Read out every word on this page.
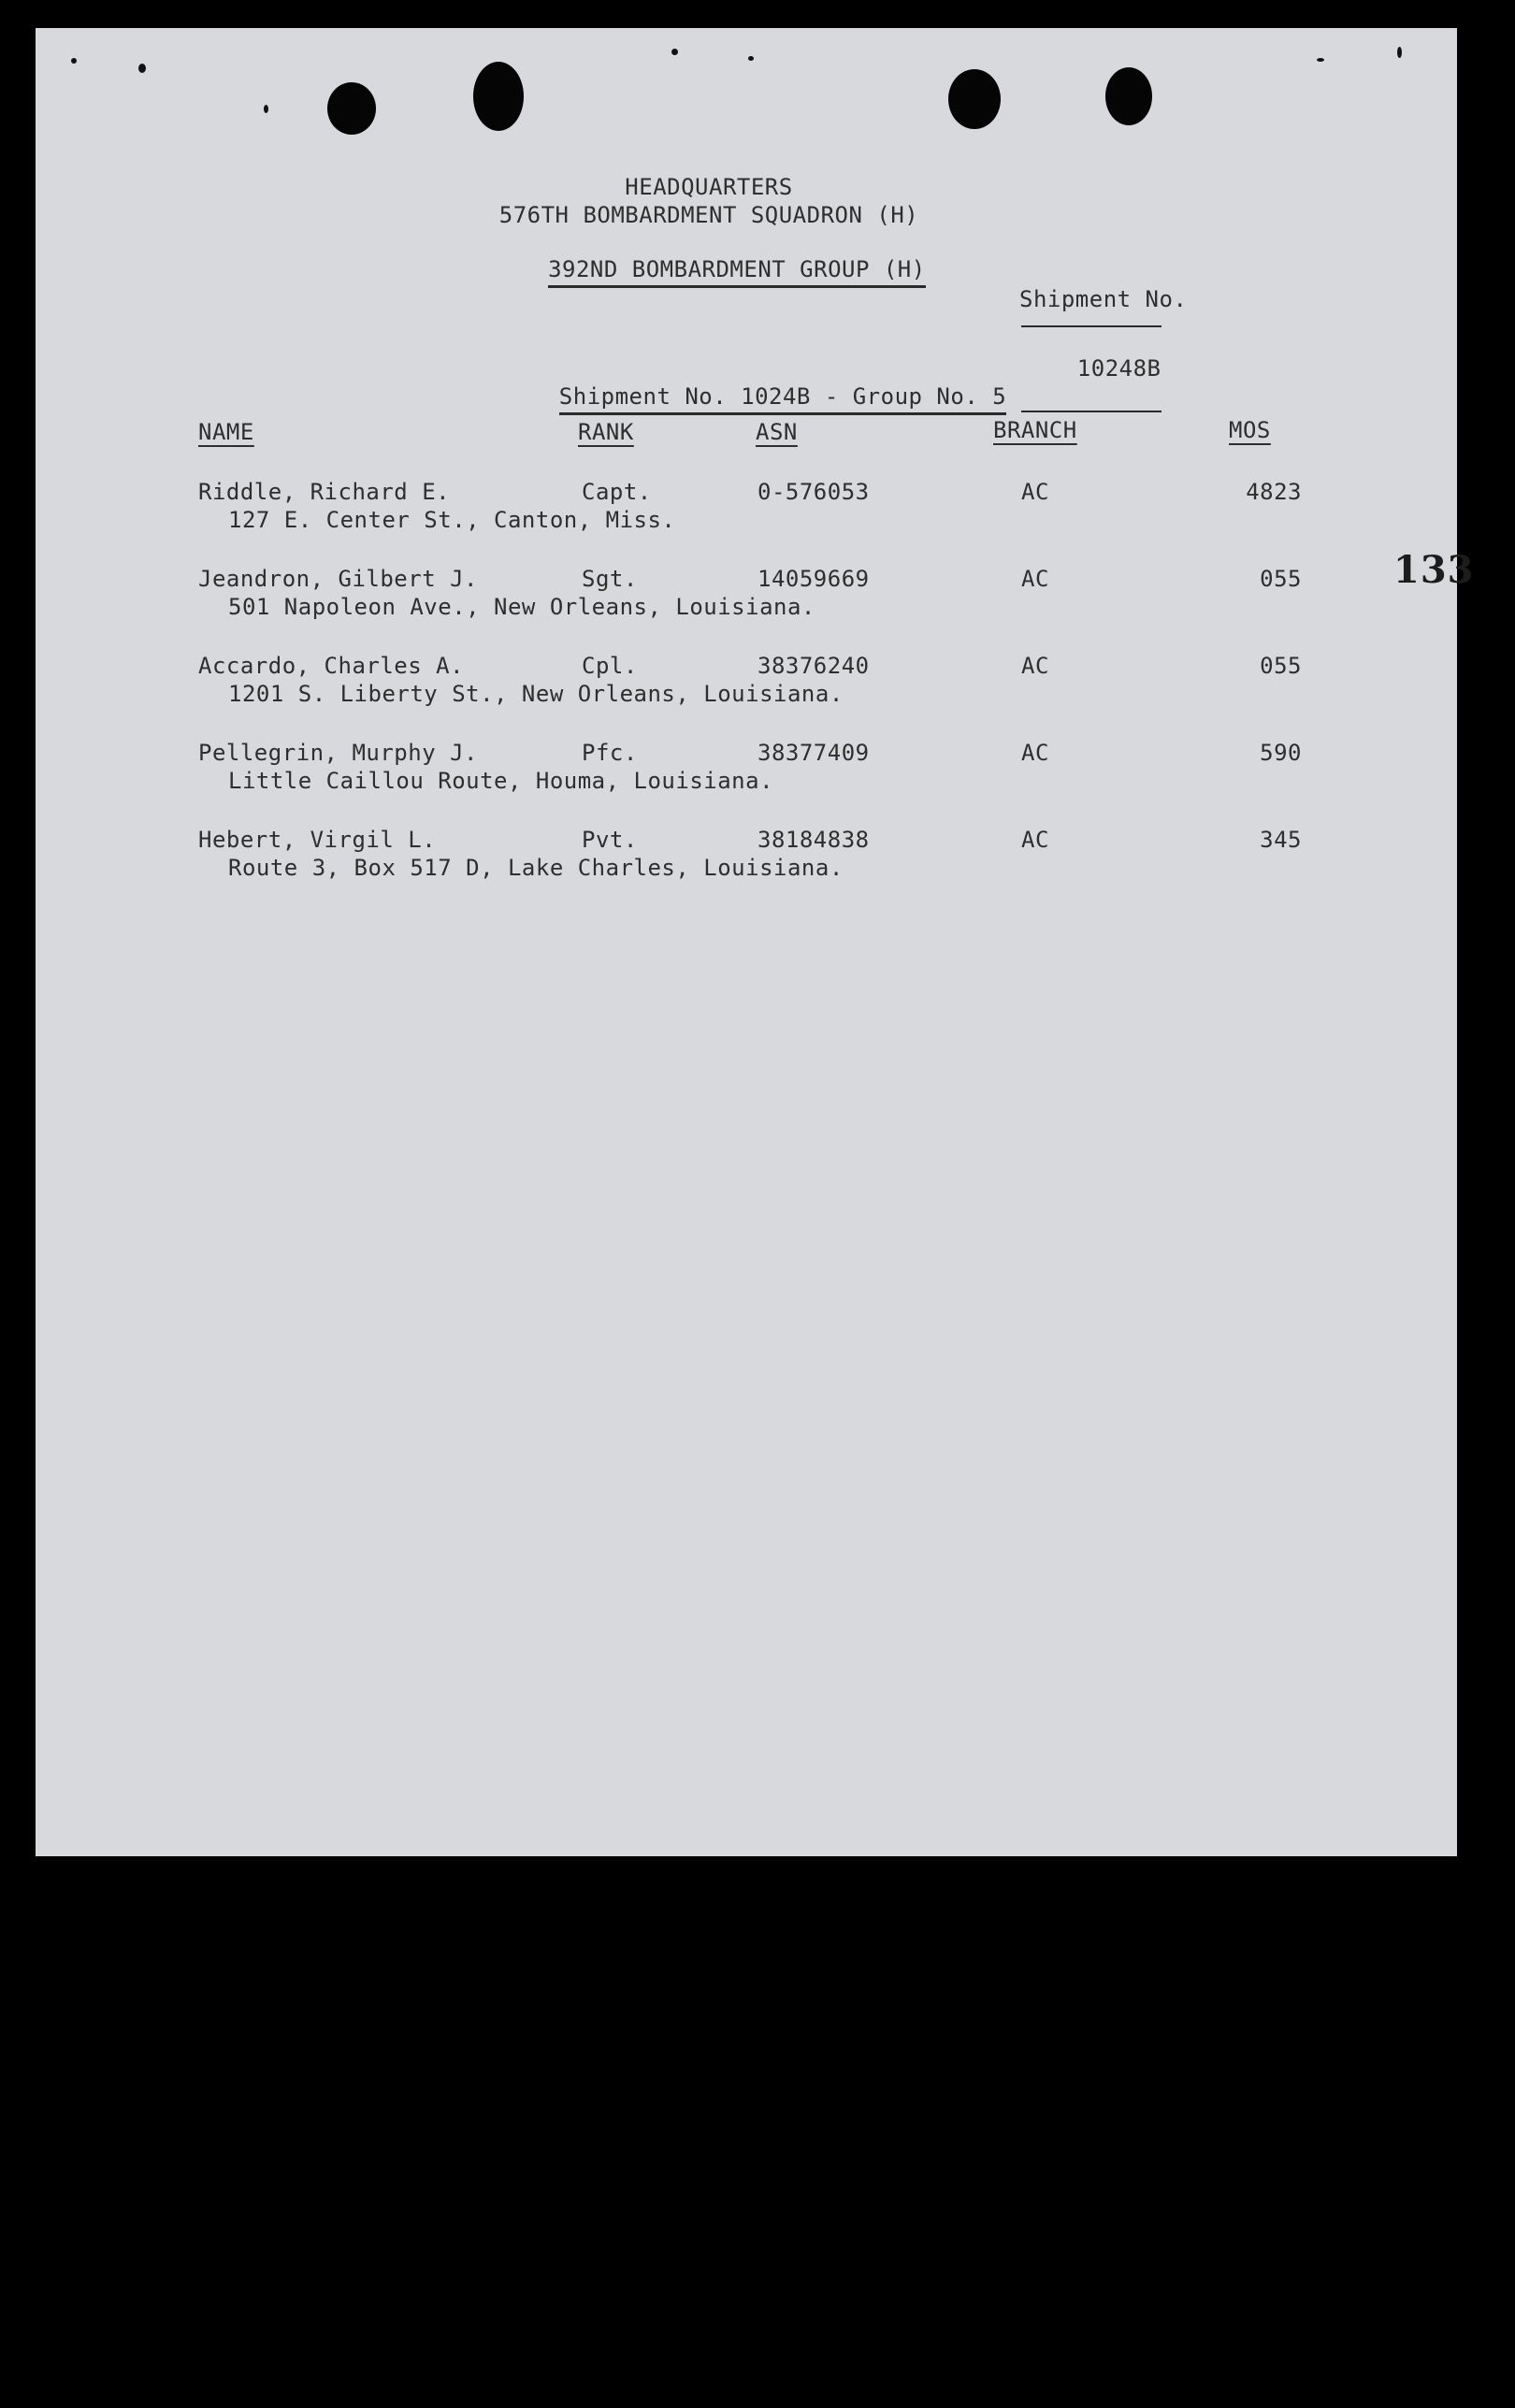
HEADQUARTERS
576TH BOMBARDMENT SQUADRON (H)

392ND BOMBARDMENT GROUP (H)

Shipment No.

10248B

Shipment No. 1024B - Group No. 5

NAME	RANK	ASN	BRANCH	MOS
Riddle, Richard E.	Capt.	0-576053	AC	4823
127 E. Center St., Canton, Miss.
Jeandron, Gilbert J.	Sgt.	14059669	AC	055
501 Napoleon Ave., New Orleans, Louisiana.
Accardo, Charles A.	Cpl.	38376240	AC	055
1201 S. Liberty St., New Orleans, Louisiana.
Pellegrin, Murphy J.	Pfc.	38377409	AC	590
Little Caillou Route, Houma, Louisiana.
Hebert, Virgil L.	Pvt.	38184838	AC	345
Route 3, Box 517 D, Lake Charles, Louisiana.
133
